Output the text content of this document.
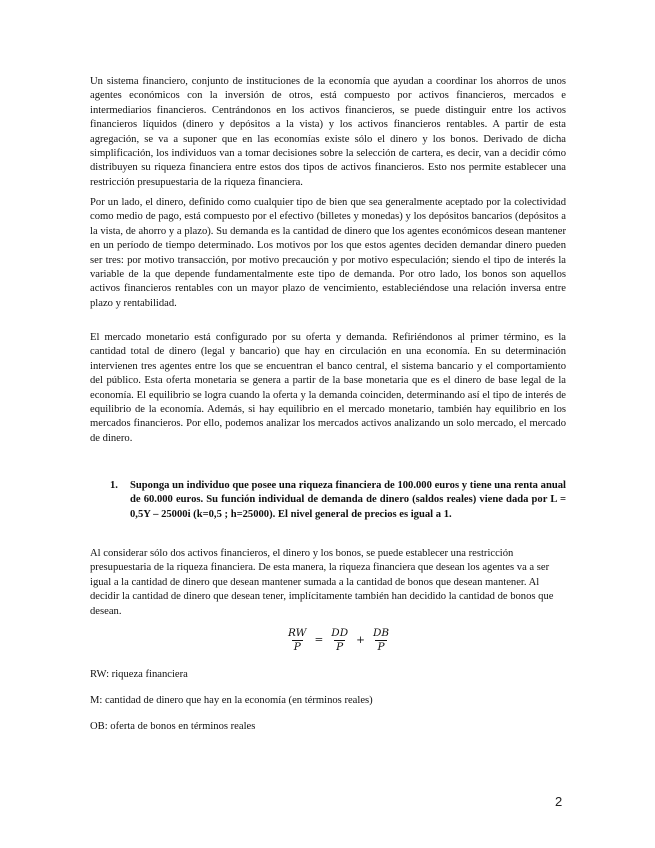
Un sistema financiero, conjunto de instituciones de la economía que ayudan a coordinar los ahorros de unos agentes económicos con la inversión de otros, está compuesto por activos financieros, mercados e intermediarios financieros. Centrándonos en los activos financieros, se puede distinguir entre los activos financieros líquidos (dinero y depósitos a la vista) y los activos financieros rentables. A partir de esta agregación, se va a suponer que en las economías existe sólo el dinero y los bonos. Derivado de dicha simplificación, los individuos van a tomar decisiones sobre la selección de cartera, es decir, van a decidir cómo distribuyen su riqueza financiera entre estos dos tipos de activos financieros. Esto nos permite establecer una restricción presupuestaria de la riqueza financiera.

Por un lado, el dinero, definido como cualquier tipo de bien que sea generalmente aceptado por la colectividad como medio de pago, está compuesto por el efectivo (billetes y monedas) y los depósitos bancarios (depósitos a la vista, de ahorro y a plazo). Su demanda es la cantidad de dinero que los agentes económicos desean mantener en un período de tiempo determinado. Los motivos por los que estos agentes deciden demandar dinero pueden ser tres: por motivo transacción, por motivo precaución y por motivo especulación; siendo el tipo de interés la variable de la que depende fundamentalmente este tipo de demanda. Por otro lado, los bonos son aquellos activos financieros rentables con un mayor plazo de vencimiento, estableciéndose una relación inversa entre plazo y rentabilidad.

El mercado monetario está configurado por su oferta y demanda. Refiriéndonos al primer término, es la cantidad total de dinero (legal y bancario) que hay en circulación en una economía. En su determinación intervienen tres agentes entre los que se encuentran el banco central, el sistema bancario y el comportamiento del público. Esta oferta monetaria se genera a partir de la base monetaria que es el dinero de base legal de la economía. El equilibrio se logra cuando la oferta y la demanda coinciden, determinando así el tipo de interés de equilibrio de la economía. Además, si hay equilibrio en el mercado monetario, también hay equilibrio en los mercados financieros. Por ello, podemos analizar los mercados activos analizando un solo mercado, el mercado de dinero.

1. Suponga un individuo que posee una riqueza financiera de 100.000 euros y tiene una renta anual de 60.000 euros. Su función individual de demanda de dinero (saldos reales) viene dada por L = 0,5Y – 25000i (k=0,5 ; h=25000). El nivel general de precios es igual a 1.

Al considerar sólo dos activos financieros, el dinero y los bonos, se puede establecer una restricción presupuestaria de la riqueza financiera. De esta manera, la riqueza financiera que desean los agentes va a ser igual a la cantidad de dinero que desean mantener sumada a la cantidad de bonos que desean mantener. Al decidir la cantidad de dinero que desean tener, implícitamente también han decidido la cantidad de bonos que desean.

$\frac{RW}{P} = \frac{DD}{P} + \frac{DB}{P}$

RW: riqueza financiera

M: cantidad de dinero que hay en la economía (en términos reales)

OB: oferta de bonos en términos reales

2
